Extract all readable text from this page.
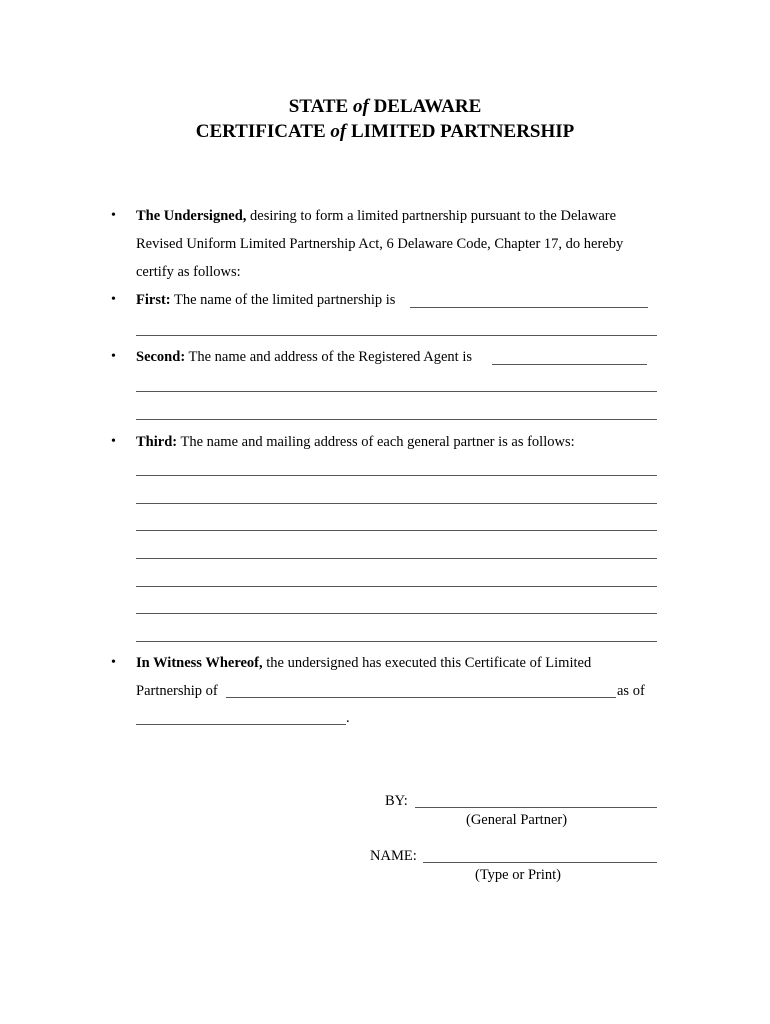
STATE of DELAWARE
CERTIFICATE of LIMITED PARTNERSHIP
• The Undersigned, desiring to form a limited partnership pursuant to the Delaware
Revised Uniform Limited Partnership Act, 6 Delaware Code, Chapter 17, do hereby
certify as follows:
• First: The name of the limited partnership is
• Second: The name and address of the Registered Agent is
• Third: The name and mailing address of each general partner is as follows:
• In Witness Whereof, the undersigned has executed this Certificate of Limited
Partnership of	as of
.
BY:
(General Partner)
NAME:
(Type or Print)
